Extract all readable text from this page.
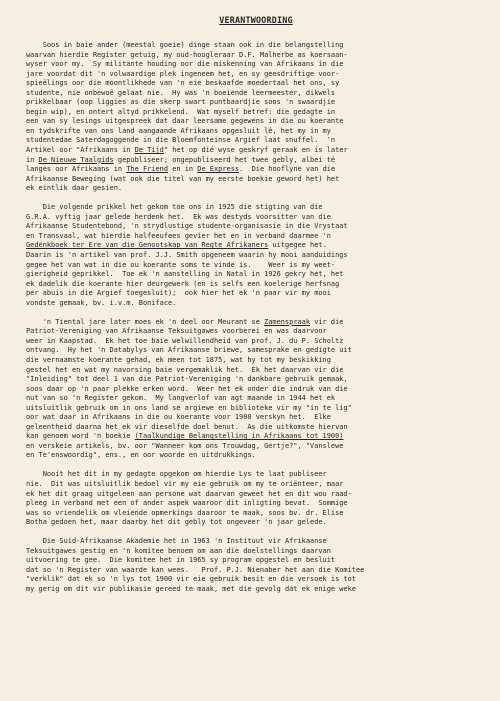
VERANTWOORDING
Soos in baie ander (meestal goeie) dinge staan ook in die belangstelling
waarvan hierdie Register getuig, my oud-hoogleraar D.F. Malherbe as koersaan-
wyser voor my.  Sy militante houding oor die miskenning van Afrikaans in die
jare voordat dit 'n volwaardige plek ingeneem het, en sy geesdriftige voor-
spieëlings oor die moontlikhede van 'n eie beskaafde moedertaal het ons, sy
studente, nie onbewoë gelaat nie.  Hy was 'n boeiende leermeester, dikwels
prikkelbaar (oop liggies as die skerp swart puntbaardjie soos 'n swaardjie
begin wip), en ontert altyd prikkelend.  Wat myself betref: die gedagte in
een van sy lesings uitgespreek dat daar leersame gegewens in die ou koerante
en tydskrifte van ons land aangaande Afrikaans opgesluit lê, het my in my
studentedae Saterdagoggende in die Bloemfonteinse Argief laat snuffel.  'n
Artikel oor "Afrikaans in De Tijd" het op dié wyse geskryf geraak en is later
in De Nieuwe Taalgids gepubliseer; ongepubliseerd het twee gebly, albei té
langes oor Afrikaans in The Friend en in De Express.  Die hooflyne van die
Afrikaanse Beweging (wat ook die titel van my eerste boekie geword het) het
ek eintlik daar gesien.
Die volgende prikkel het gekom toe ons in 1925 die stigting van die
G.R.A. vyftig jaar gelede herdenk het.  Ek was destyds voorsitter van die
Afrikaanse Studentebond, 'n strydlustige studente-organisasie in die Vrystaat
en Transvaal, wat hierdie halfeeufees gevier het en in verband daarmee 'n
Gedenkboek ter Ere van die Genootskap van Regte Afrikaners uitgegee het.
Daarin is 'n artikel van prof. J.J. Smith opgeneem waarin hy mooi aanduidings
gegee het van wat in die ou koerante soms te vinde is.    Weer is my weet-
gierigheid geprikkel.  Toe ek 'n aanstelling in Natal in 1926 gekry het, het
ek dadelik die koerante hier deurgewerk (en is selfs een koelerige herfsnag
per abuis in die Argief toegesluit);  ook hier het ek 'n paar vir my mooi
vondste gemaak, bv. i.v.m. Boniface.
'n Tiental jare later moes ek 'n deel oor Meurant se Zamenspraak vir die
Patriot-Vereniging van Afrikaanse Teksuitgawes voorberei en was daarvoor
weer in Kaapstad.  Ek het toe baie welwillendheid van prof. J. du P. Scholtz
ontvang.  Hy het 'n Databylys van Afrikaanse briewe, samesprake en gedigte uit
die vernaamste koerante gehad, ek meen tot 1875, wat hy tot my beskikking
gestel het en wat my navorsing baie vergemaklik het.  Ek het daarvan vir die
"Inleiding" tot deel 1 van die Patriot-Vereniging 'n dankbare gebruik gemaak,
soos daar op 'n paar plekke erken word.  Weer het ek onder die indruk van die
nut van so 'n Register gekom.  My langverlof van agt maande in 1944 het ek
uitsluitlik gebruik om in ons land se argiewe en biblioteke vir my "in te lig"
oor wat daar in Afrikaans in die ou koerante voor 1900 verskyn het.  Elke
geleentheid daarna het ek vir dieselfde doel benut.  As die uitkomste hiervan
kan genoem word 'n boekie (Taalkundige Belangstelling in Afrikaans tot 1900)
en verskeie artikels, bv. oor "Wanneer kom ons Trouwdag, Gertje?", "Vanslewe
en Te'enswoordig", ens., en oor woorde en uitdrukkings.
Nooit het dit in my gedagte opgekom om hierdie Lys te laat publiseer
nie.  Dit was uitsluitlik bedoel vir my eie gebruik om my te oriënteer, maar
ek het dit graag uitgeleen aan persone wat daarvan geweet het en dit wou raad-
pleeg in verband met een of ander aspek waaroor dit inligting bevat.  Sommige
was so vriendelik om vleiende opmerkings daaroor te maak, soos bv. dr. Elise
Botha gedoen het, maar daarby het dit gebly tot ongeveer 'n jaar gelede.
Die Suid-Afrikaanse Akademie het in 1963 'n Instituut vir Afrikaanse
Teksuitgawes gestig en 'n komitee benoem om aan die doelstellings daarvan
uitvoering te gee.  Die komitee het in 1965 sy program opgestel en besluit
dat so 'n Register van waarde kan wees.   Prof. P.J. Nienaber het aan die Komitee
"verklik" dat ek so 'n lys tot 1900 vir eie gebruik besit en die versoek is tot
my gerig om dit vir publikasie gereed te maak, met die gevolg dat ek enige weke
